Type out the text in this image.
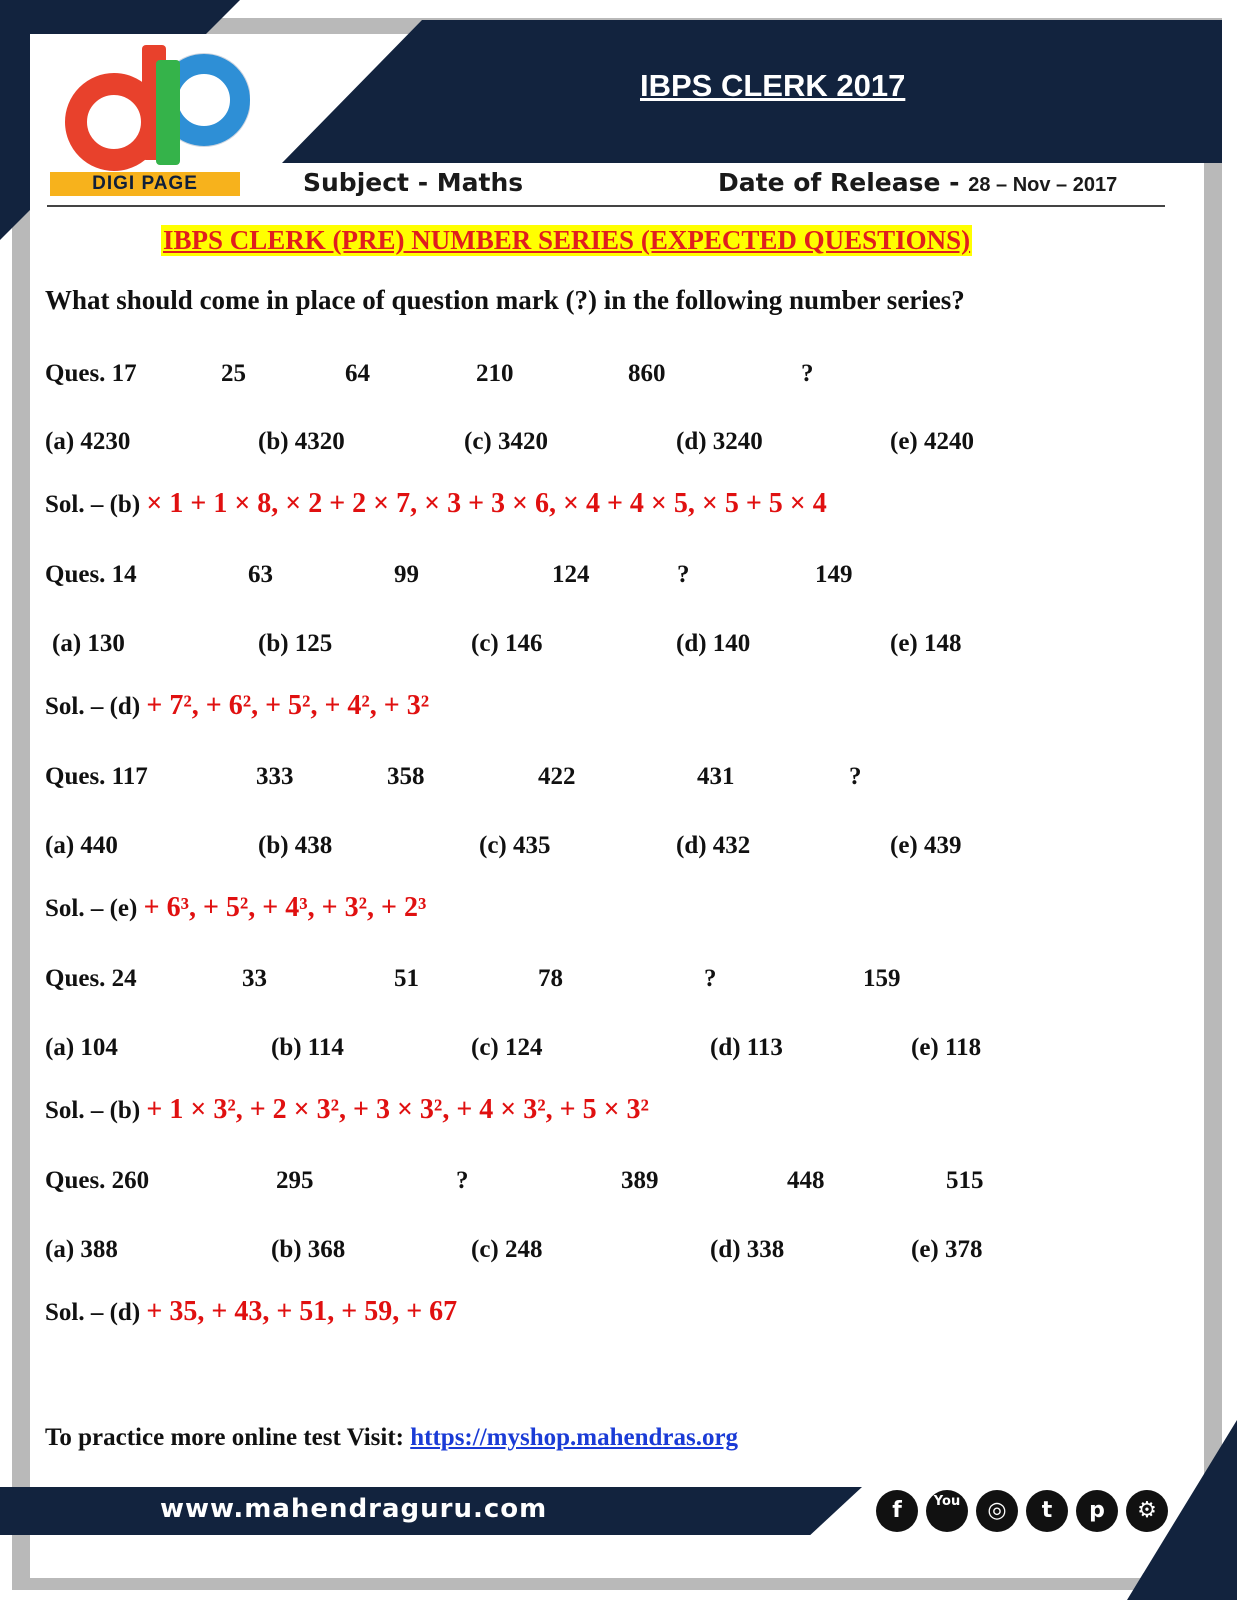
IBPS CLERK 2017
DIGI PAGE	Subject - Maths	Date of Release - 28 – Nov – 2017
IBPS CLERK (PRE) NUMBER SERIES (EXPECTED QUESTIONS)
What should come in place of question mark (?) in the following number series?
Ques. 17	25	64	210	860	?
(a) 4230	(b) 4320	(c) 3420	(d) 3240	(e) 4240
Sol. – (b) × 1 + 1 × 8, × 2 + 2 × 7, × 3 + 3 × 6, × 4 + 4 × 5, × 5 + 5 × 4
Ques. 14	63	99	124	?	149
(a) 130	(b) 125	(c) 146	(d) 140	(e) 148
Sol. – (d) + 7², + 6², + 5², + 4², + 3²
Ques. 117	333	358	422	431	?
(a) 440	(b) 438	(c) 435	(d) 432	(e) 439
Sol. – (e) + 6³, + 5², + 4³, + 3², + 2³
Ques. 24	33	51	78	?	159
(a) 104	(b) 114	(c) 124	(d) 113	(e) 118
Sol. – (b) + 1 × 3², + 2 × 3², + 3 × 3², + 4 × 3², + 5 × 3²
Ques. 260	295	?	389	448	515
(a) 388	(b) 368	(c) 248	(d) 338	(e) 378
Sol. – (d) + 35, + 43, + 51, + 59, + 67
To practice more online test Visit: https://myshop.mahendras.org
www.mahendraguru.com	f	You	◎	t	p	⚙
